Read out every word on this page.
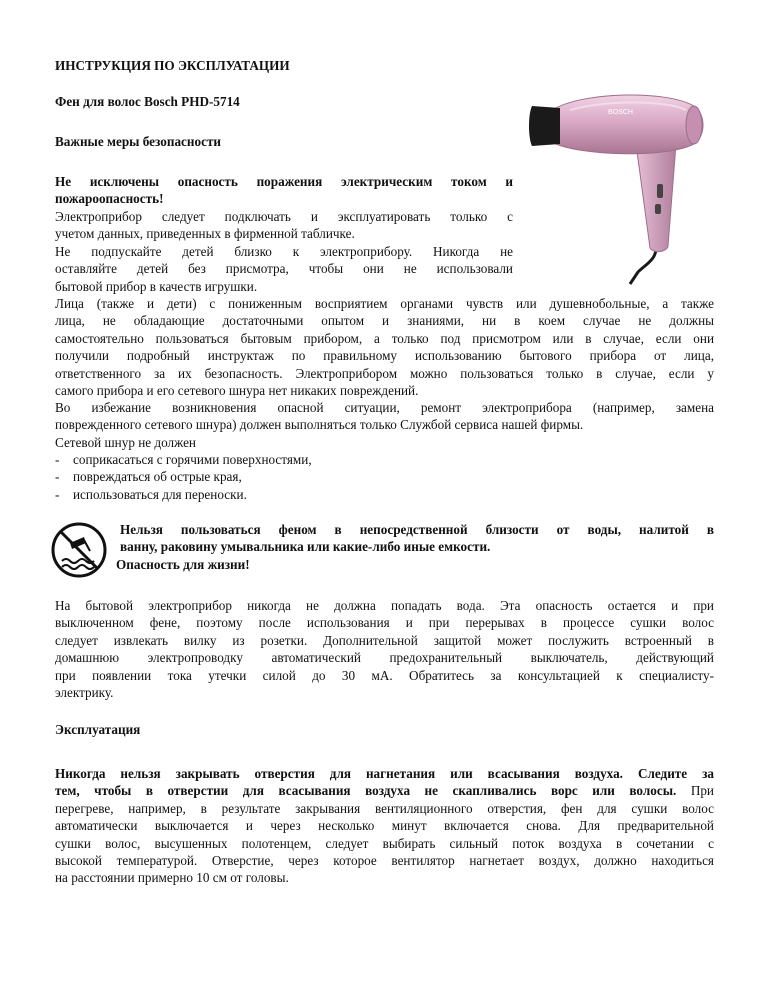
ИНСТРУКЦИЯ ПО ЭКСПЛУАТАЦИИ

Фен для волос Bosch PHD-5714

Важные меры безопасности

BOSCH
Не исключены опасность поражения электрическим током и
пожароопасность!
Электроприбор следует подключать и эксплуатировать только с
учетом данных, приведенных в фирменной табличке.
Не подпускайте детей близко к электроприбору. Никогда не
оставляйте детей без присмотра, чтобы они не использовали
бытовой прибор в качеств игрушки.
Лица (также и дети) с пониженным восприятием органами чувств или душевнобольные, а также
лица, не обладающие достаточными опытом и знаниями, ни в коем случае не должны
самостоятельно пользоваться бытовым прибором, а только под присмотром или в случае, если они
получили подробный инструктаж по правильному использованию бытового прибора от лица,
ответственного за их безопасность. Электроприбором можно пользоваться только в случае, если у
самого прибора и его сетевого шнура нет никаких повреждений.
Во избежание возникновения опасной ситуации, ремонт электроприбора (например, замена
поврежденного сетевого шнура) должен выполняться только Службой сервиса нашей фирмы.

Сетевой шнур не должен

-	соприкасаться с горячими поверхностями,
-	повреждаться об острые края,
-	использоваться для переноски.
Нельзя пользоваться феном в непосредственной близости от воды, налитой в
ванну, раковину умывальника или какие-либо иные емкости.

Опасность для жизни!

На бытовой электроприбор никогда не должна попадать вода. Эта опасность остается и при
выключенном фене, поэтому после использования и при перерывах в процессе сушки волос
следует извлекать вилку из розетки. Дополнительной защитой может послужить встроенный в
домашнюю электропроводку автоматический предохранительный выключатель, действующий
при появлении тока утечки силой до 30 мА. Обратитесь за консультацией к специалисту-
электрику.

Эксплуатация

Никогда нельзя закрывать отверстия для нагнетания или всасывания воздуха. Следите за
тем, чтобы в отверстии для всасывания воздуха не скапливались ворс или волосы. При
перегреве, например, в результате закрывания вентиляционного отверстия, фен для сушки волос
автоматически выключается и через несколько минут включается снова. Для предварительной
сушки волос, высушенных полотенцем, следует выбирать сильный поток воздуха в сочетании с
высокой температурой. Отверстие, через которое вентилятор нагнетает воздух, должно находиться
на расстоянии примерно 10 см от головы.
